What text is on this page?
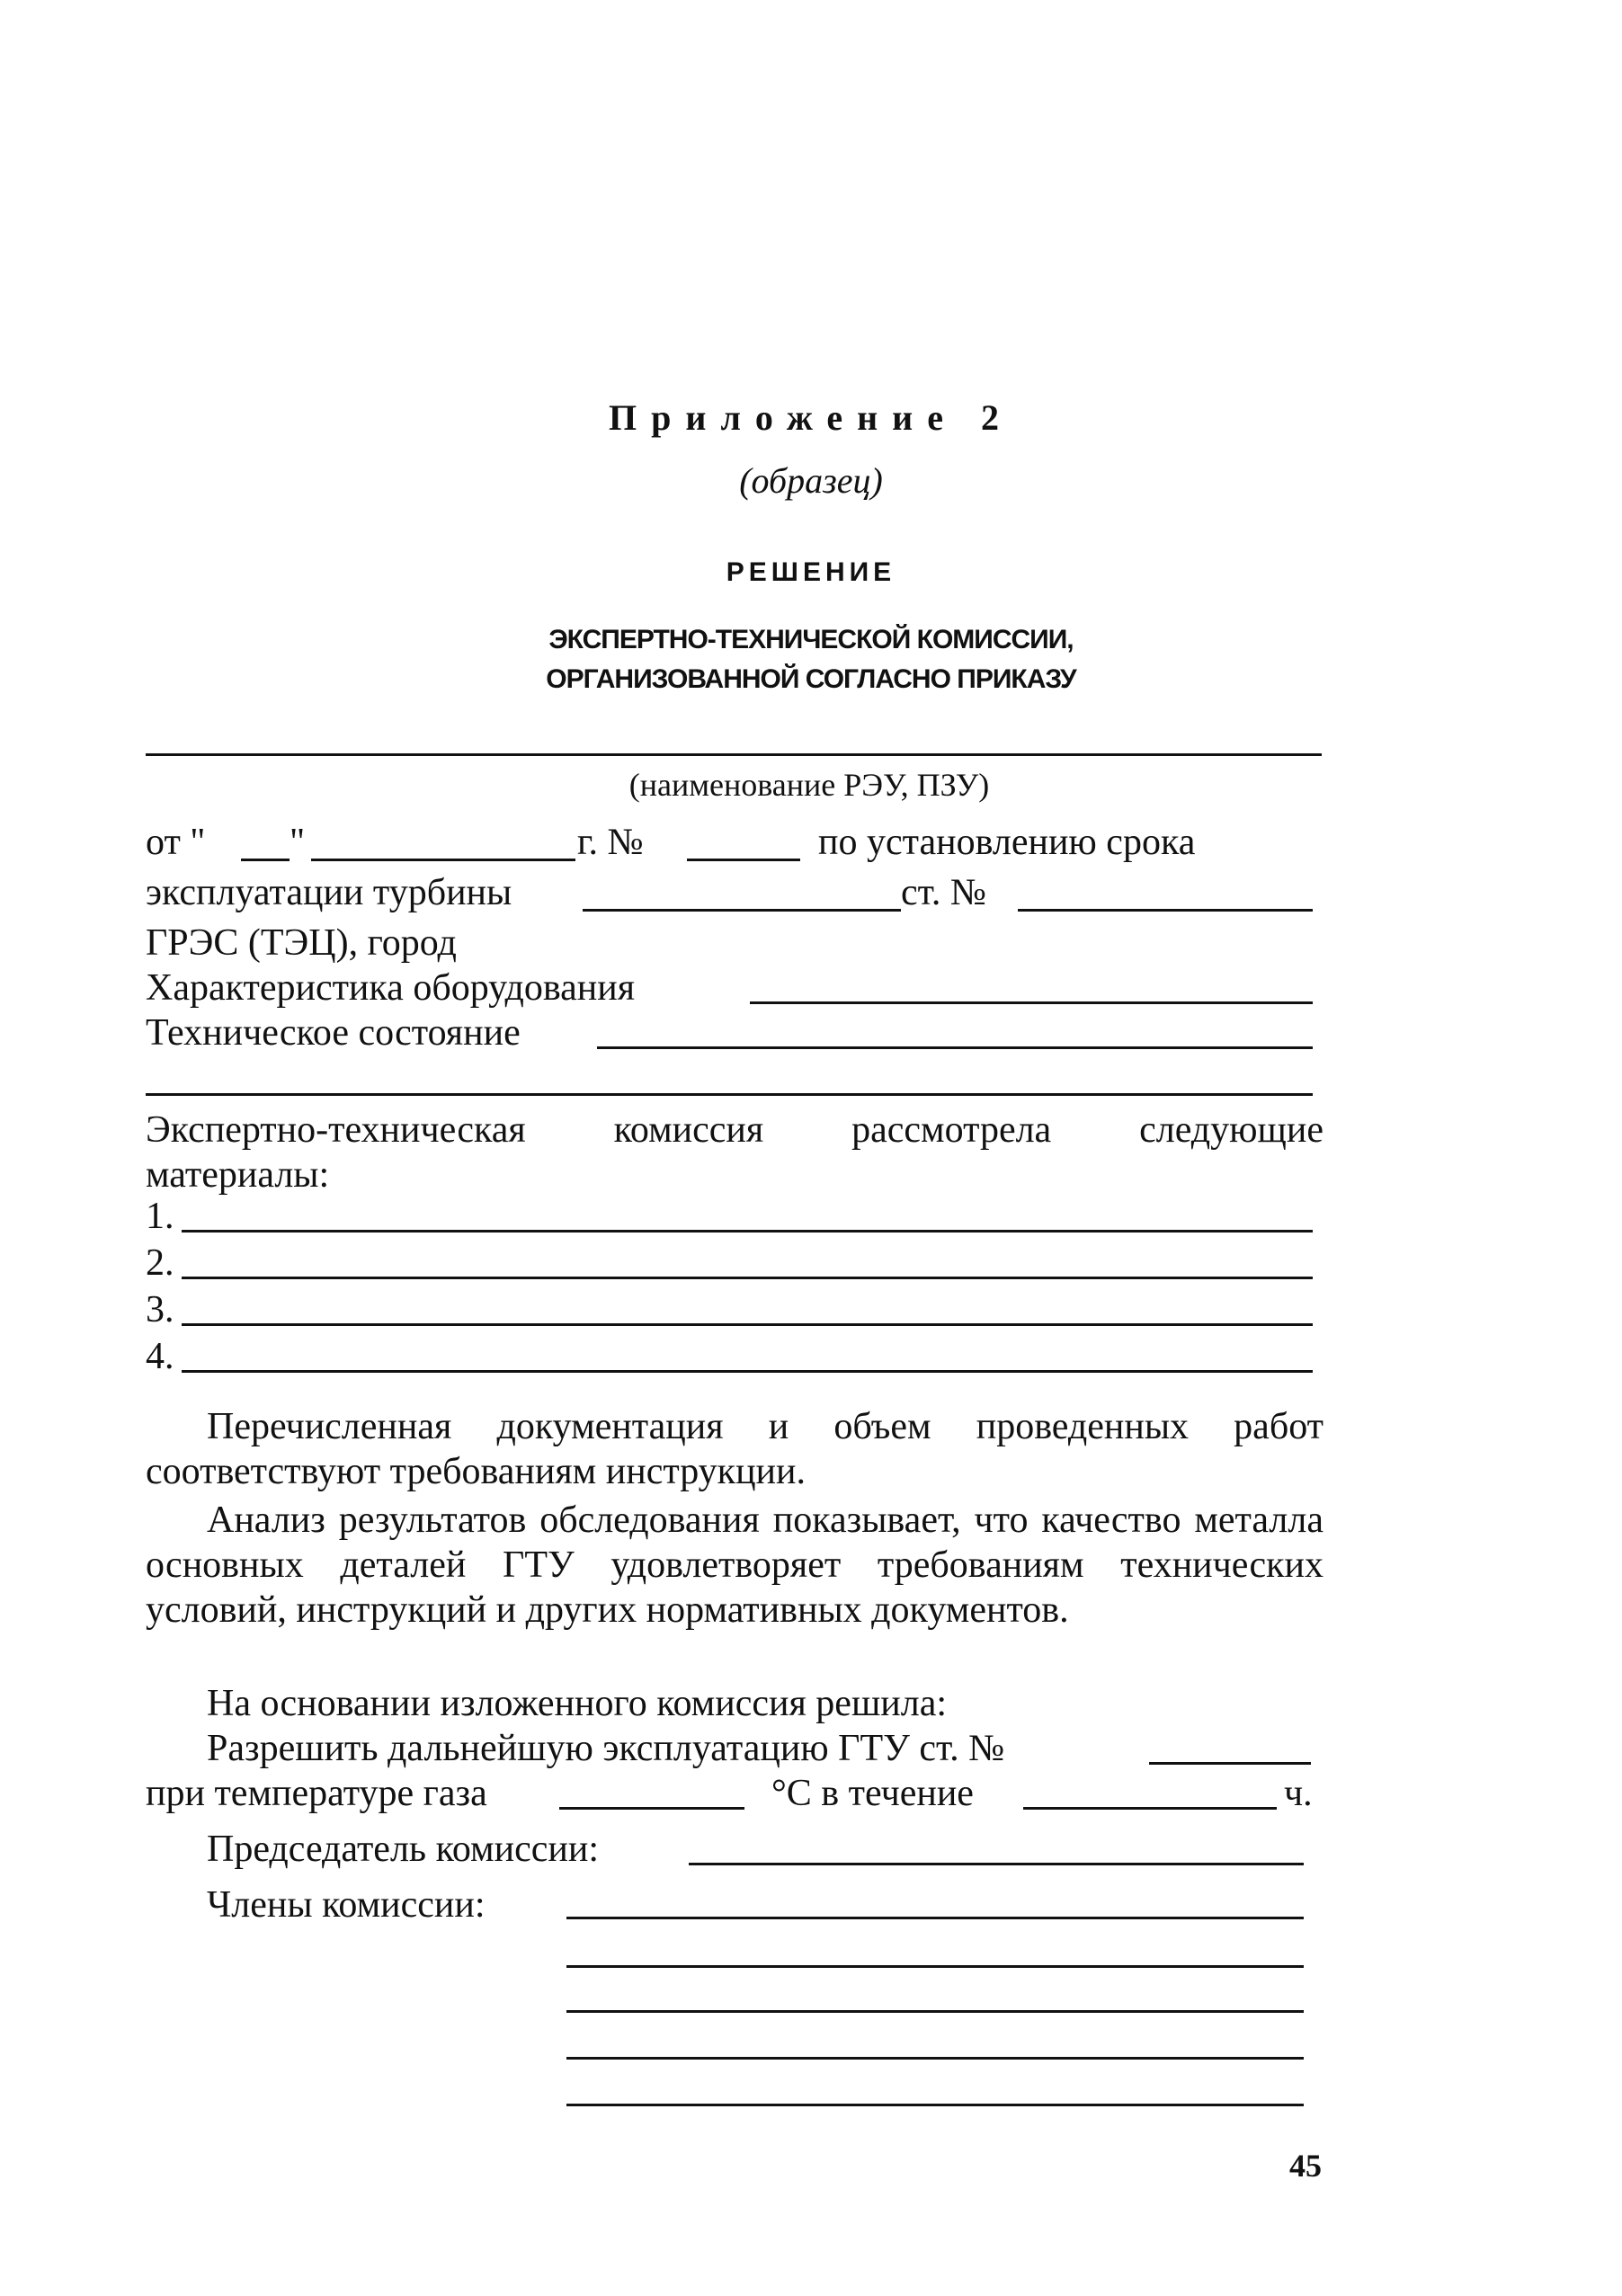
Приложение 2
(образец)
РЕШЕНИЕ
ЭКСПЕРТНО-ТЕХНИЧЕСКОЙ КОМИССИИ,
ОРГАНИЗОВАННОЙ СОГЛАСНО ПРИКАЗУ
(наименование РЭУ, ПЗУ)
от " "	г. №	по установлению срока
эксплуатации турбины	ст. №
ГРЭС (ТЭЦ), город
Характеристика оборудования
Техническое состояние
Экспертно-техническая комиссия рассмотрела следующие
материалы:
1.
2.
3.
4.
Перечисленная документация и объем проведенных работ соответствуют требованиям инструкции.
Анализ результатов обследования показывает, что качество металла основных деталей ГТУ удовлетворяет требованиям технических условий, инструкций и других нормативных документов.
На основании изложенного комиссия решила:
Разрешить дальнейшую эксплуатацию ГТУ ст. №
при температуре газа	°С в течение	ч.
Председатель комиссии:
Члены комиссии:
45
